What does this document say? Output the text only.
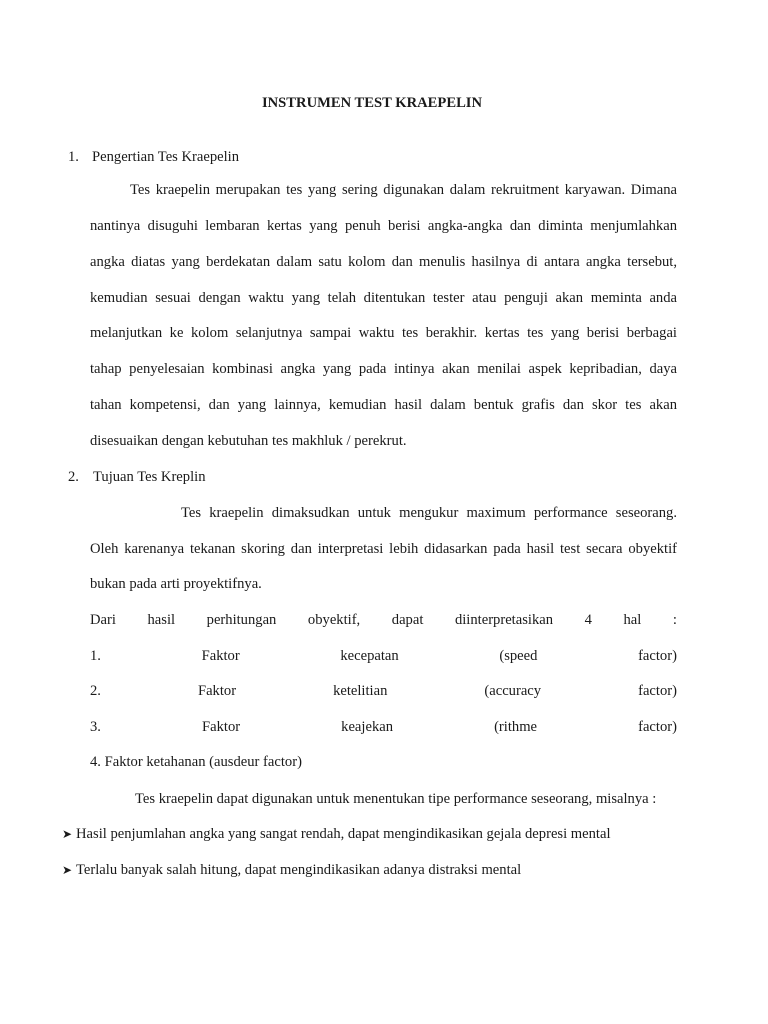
INSTRUMEN TEST KRAEPELIN
1. Pengertian Tes Kraepelin
Tes kraepelin merupakan tes yang sering digunakan dalam rekruitment karyawan. Dimana
nantinya disuguhi lembaran kertas yang penuh berisi angka-angka dan diminta menjumlahkan
angka diatas yang berdekatan dalam satu kolom dan menulis hasilnya di antara angka tersebut,
kemudian sesuai dengan waktu yang telah ditentukan tester atau penguji akan meminta anda
melanjutkan ke kolom selanjutnya sampai waktu tes berakhir. kertas tes yang berisi berbagai
tahap penyelesaian kombinasi angka yang pada intinya akan menilai aspek kepribadian, daya
tahan kompetensi, dan yang lainnya, kemudian hasil dalam bentuk grafis dan skor tes akan
disesuaikan dengan kebutuhan tes makhluk / perekrut.
2. Tujuan Tes Kreplin
Tes kraepelin dimaksudkan untuk mengukur maximum performance seseorang.
Oleh karenanya tekanan skoring dan interpretasi lebih didasarkan pada hasil test secara obyektif
bukan pada arti proyektifnya.
Dari hasil perhitungan obyektif, dapat diinterpretasikan 4 hal :
1.	Faktor	kecepatan	(speed	factor)
2.	Faktor	ketelitian	(accuracy	factor)
3.	Faktor	keajekan	(rithme	factor)
4. Faktor ketahanan (ausdeur factor)
Tes kraepelin dapat digunakan untuk menentukan tipe performance seseorang, misalnya :
➤ Hasil penjumlahan angka yang sangat rendah, dapat mengindikasikan gejala depresi mental
➤ Terlalu banyak salah hitung, dapat mengindikasikan adanya distraksi mental
